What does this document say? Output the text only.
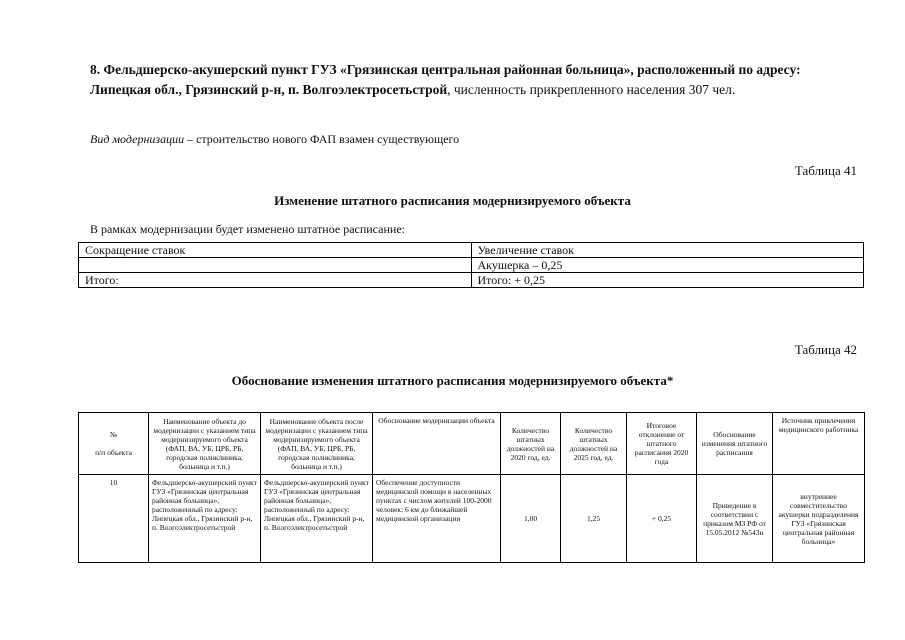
8. Фельдшерско-акушерский пункт ГУЗ «Грязинская центральная районная больница», расположенный по адресу: Липецкая обл., Грязинский р-н, п. Волгоэлектросетьстрой, численность прикрепленного населения 307 чел.
Вид модернизации – строительство нового ФАП взамен существующего
Таблица 41
Изменение штатного расписания модернизируемого объекта
В рамках модернизации будет изменено штатное расписание:
Сокращение ставок	Увеличение ставок
	Акушерка – 0,25
Итого:	Итого: + 0,25
Таблица 42
Обоснование изменения штатного расписания модернизируемого объекта*
№

п/п объекта	Наименование объекта до модернизации с указанием типа модернизируемого объекта (ФАП, ВА, УБ, ЦРБ, РБ, городская поликлиника, больница и т.п.)	Наименование объекта после модернизации с указанием типа модернизируемого объекта (ФАП, ВА, УБ, ЦРБ, РБ, городская поликлиника, больница и т.п.)	Обоснование модернизации объекта	Количество штатных должностей на 2020 год, ед.	Количество штатных должностей на 2025 год, ед.	Итоговое отклонение от штатного расписания 2020 года	Обоснование изменения штатного расписания	Источник привлечения медицинского работника
10	Фельдшерско-акушерский пункт ГУЗ «Грязинская центральная районная больница», расположенный по адресу: Липецкая обл., Грязинский р-н, п. Волгоэлектросетьстрой	Фельдшерско-акушерский пункт ГУЗ «Грязинская центральная районная больница», расположенный по адресу: Липецкая обл., Грязинский р-н, п. Волгоэлектросетьстрой	Обеспечение доступности медицинской помощи в населенных пунктах с числом жителей 100-2000 человек: 6 км до ближайшей медицинской организации	1,00	1,25	+ 0,25	Приведение в соответствии с приказом МЗ РФ от 15.05.2012 №543н	внутреннее совместительство акушерки подразделения ГУЗ «Грязинская центральная районная больница»
